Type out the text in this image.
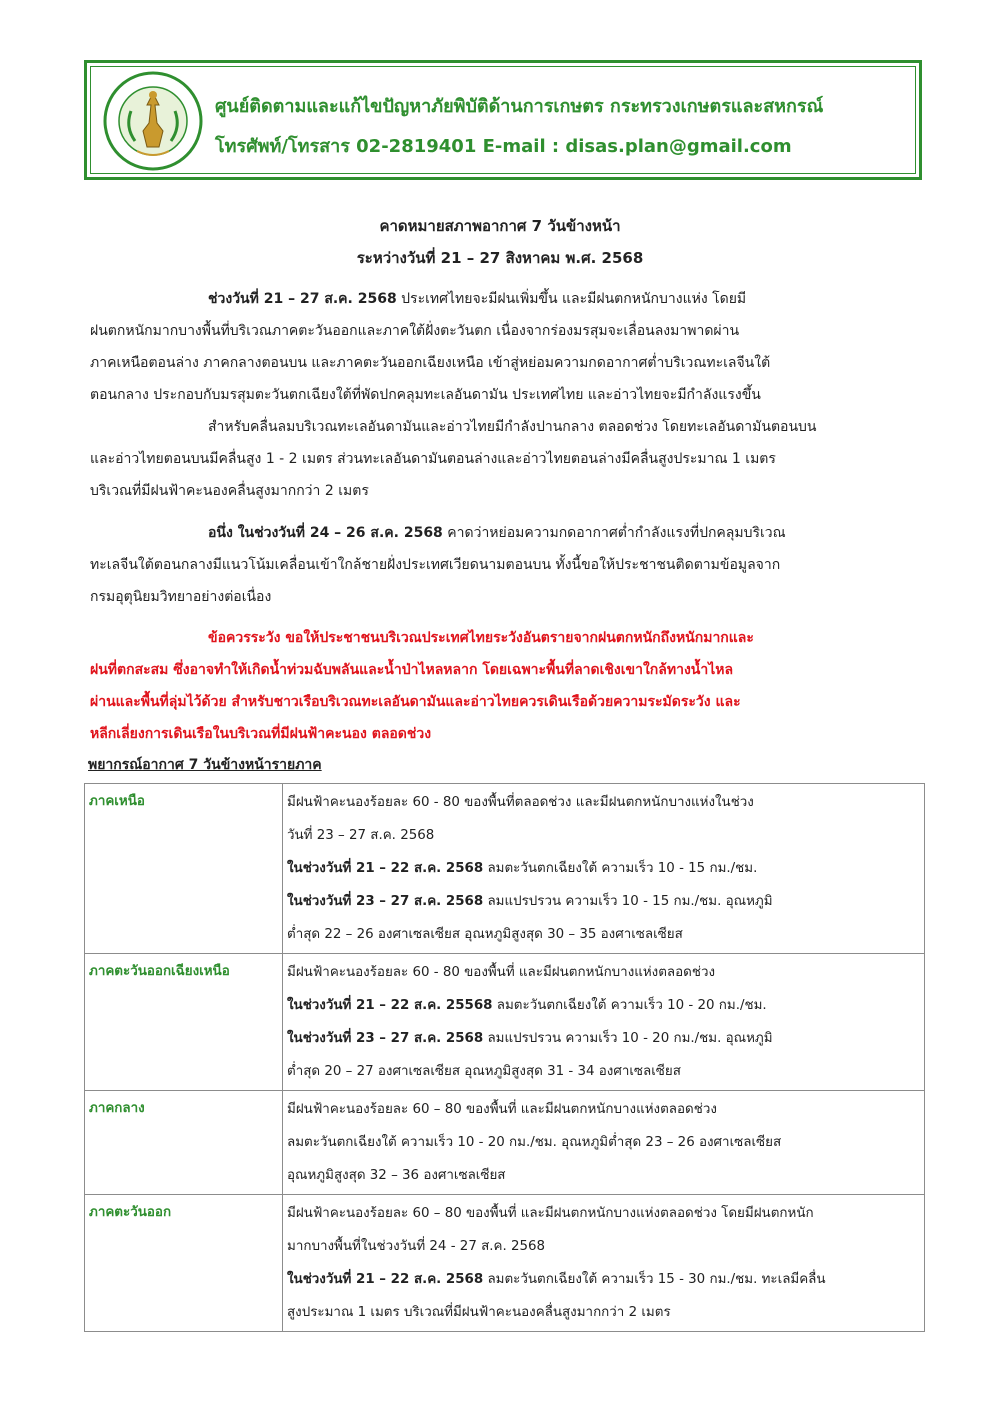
ศูนย์ติดตามและแก้ไขปัญหาภัยพิบัติด้านการเกษตร กระทรวงเกษตรและสหกรณ์
โทรศัพท์/โทรสาร 02-2819401 E-mail : disas.plan@gmail.com
คาดหมายสภาพอากาศ 7 วันข้างหน้า
ระหว่างวันที่ 21 – 27 สิงหาคม พ.ศ. 2568
ช่วงวันที่ 21 – 27 ส.ค. 2568 ประเทศไทยจะมีฝนเพิ่มขึ้น และมีฝนตกหนักบางแห่ง โดยมี
ฝนตกหนักมากบางพื้นที่บริเวณภาคตะวันออกและภาคใต้ฝั่งตะวันตก เนื่องจากร่องมรสุมจะเลื่อนลงมาพาดผ่าน
ภาคเหนือตอนล่าง ภาคกลางตอนบน และภาคตะวันออกเฉียงเหนือ เข้าสู่หย่อมความกดอากาศต่ำบริเวณทะเลจีนใต้
ตอนกลาง ประกอบกับมรสุมตะวันตกเฉียงใต้ที่พัดปกคลุมทะเลอันดามัน ประเทศไทย และอ่าวไทยจะมีกำลังแรงขึ้น
สำหรับคลื่นลมบริเวณทะเลอันดามันและอ่าวไทยมีกำลังปานกลาง ตลอดช่วง โดยทะเลอันดามันตอนบน
และอ่าวไทยตอนบนมีคลื่นสูง 1 - 2 เมตร ส่วนทะเลอันดามันตอนล่างและอ่าวไทยตอนล่างมีคลื่นสูงประมาณ 1 เมตร
บริเวณที่มีฝนฟ้าคะนองคลื่นสูงมากกว่า 2 เมตร
อนึ่ง ในช่วงวันที่ 24 – 26 ส.ค. 2568 คาดว่าหย่อมความกดอากาศต่ำกำลังแรงที่ปกคลุมบริเวณ
ทะเลจีนใต้ตอนกลางมีแนวโน้มเคลื่อนเข้าใกล้ชายฝั่งประเทศเวียดนามตอนบน ทั้งนี้ขอให้ประชาชนติดตามข้อมูลจาก
กรมอุตุนิยมวิทยาอย่างต่อเนื่อง
ข้อควรระวัง ขอให้ประชาชนบริเวณประเทศไทยระวังอันตรายจากฝนตกหนักถึงหนักมากและ
ฝนที่ตกสะสม ซึ่งอาจทำให้เกิดน้ำท่วมฉับพลันและน้ำป่าไหลหลาก โดยเฉพาะพื้นที่ลาดเชิงเขาใกล้ทางน้ำไหล
ผ่านและพื้นที่ลุ่มไว้ด้วย สำหรับชาวเรือบริเวณทะเลอันดามันและอ่าวไทยควรเดินเรือด้วยความระมัดระวัง และ
หลีกเลี่ยงการเดินเรือในบริเวณที่มีฝนฟ้าคะนอง ตลอดช่วง
พยากรณ์อากาศ 7 วันข้างหน้ารายภาค
ภาคเหนือ	มีฝนฟ้าคะนองร้อยละ 60 - 80 ของพื้นที่ตลอดช่วง และมีฝนตกหนักบางแห่งในช่วง
วันที่ 23 – 27 ส.ค. 2568
ในช่วงวันที่ 21 – 22 ส.ค. 2568 ลมตะวันตกเฉียงใต้ ความเร็ว 10 - 15 กม./ชม.
ในช่วงวันที่ 23 – 27 ส.ค. 2568 ลมแปรปรวน ความเร็ว 10 - 15 กม./ชม. อุณหภูมิ
ต่ำสุด 22 – 26 องศาเซลเซียส อุณหภูมิสูงสุด 30 – 35 องศาเซลเซียส

ภาคตะวันออกเฉียงเหนือ	มีฝนฟ้าคะนองร้อยละ 60 - 80 ของพื้นที่ และมีฝนตกหนักบางแห่งตลอดช่วง
ในช่วงวันที่ 21 – 22 ส.ค. 25568 ลมตะวันตกเฉียงใต้ ความเร็ว 10 - 20 กม./ชม.
ในช่วงวันที่ 23 – 27 ส.ค. 2568 ลมแปรปรวน ความเร็ว 10 - 20 กม./ชม. อุณหภูมิ
ต่ำสุด 20 – 27 องศาเซลเซียส อุณหภูมิสูงสุด 31 - 34 องศาเซลเซียส

ภาคกลาง	มีฝนฟ้าคะนองร้อยละ 60 – 80 ของพื้นที่ และมีฝนตกหนักบางแห่งตลอดช่วง
ลมตะวันตกเฉียงใต้ ความเร็ว 10 - 20 กม./ชม. อุณหภูมิต่ำสุด 23 – 26 องศาเซลเซียส
อุณหภูมิสูงสุด 32 – 36 องศาเซลเซียส

ภาคตะวันออก	มีฝนฟ้าคะนองร้อยละ 60 – 80 ของพื้นที่ และมีฝนตกหนักบางแห่งตลอดช่วง โดยมีฝนตกหนัก
มากบางพื้นที่ในช่วงวันที่ 24 - 27 ส.ค. 2568
ในช่วงวันที่ 21 – 22 ส.ค. 2568 ลมตะวันตกเฉียงใต้ ความเร็ว 15 - 30 กม./ชม. ทะเลมีคลื่น
สูงประมาณ 1 เมตร บริเวณที่มีฝนฟ้าคะนองคลื่นสูงมากกว่า 2 เมตร
